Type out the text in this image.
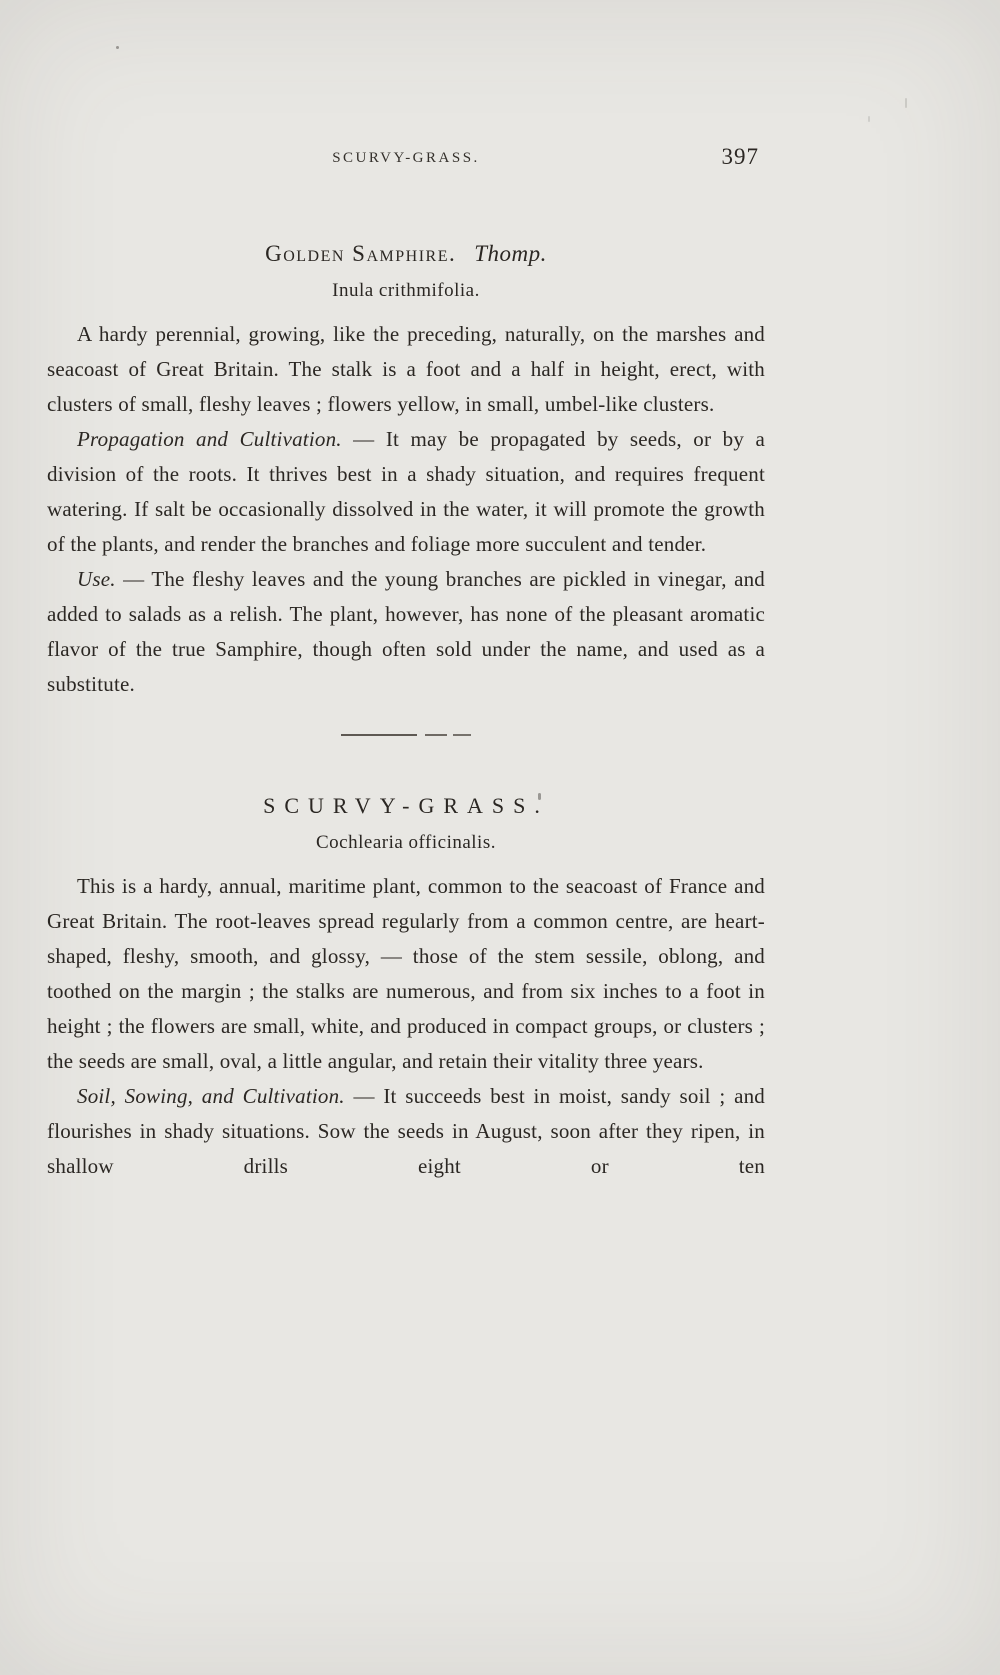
SCURVY-GRASS.	397
Golden Samphire. Thomp.
Inula crithmifolia.

A hardy perennial, growing, like the preceding, naturally, on the marshes and seacoast of Great Britain. The stalk is a foot and a half in height, erect, with clusters of small, fleshy leaves ; flowers yellow, in small, umbel-like clusters.

Propagation and Cultivation. — It may be propagated by seeds, or by a division of the roots. It thrives best in a shady situation, and requires frequent watering. If salt be occasionally dissolved in the water, it will promote the growth of the plants, and render the branches and foliage more succulent and tender.

Use. — The fleshy leaves and the young branches are pickled in vinegar, and added to salads as a relish. The plant, however, has none of the pleasant aromatic flavor of the true Samphire, though often sold under the name, and used as a substitute.

SCURVY-GRASS.
Cochlearia officinalis.

This is a hardy, annual, maritime plant, common to the seacoast of France and Great Britain. The root-leaves spread regularly from a common centre, are heart-shaped, fleshy, smooth, and glossy, — those of the stem sessile, oblong, and toothed on the margin ; the stalks are numerous, and from six inches to a foot in height ; the flowers are small, white, and produced in compact groups, or clusters ; the seeds are small, oval, a little angular, and retain their vitality three years.

Soil, Sowing, and Cultivation. — It succeeds best in moist, sandy soil ; and flourishes in shady situations. Sow the seeds in August, soon after they ripen, in shallow drills eight or ten
